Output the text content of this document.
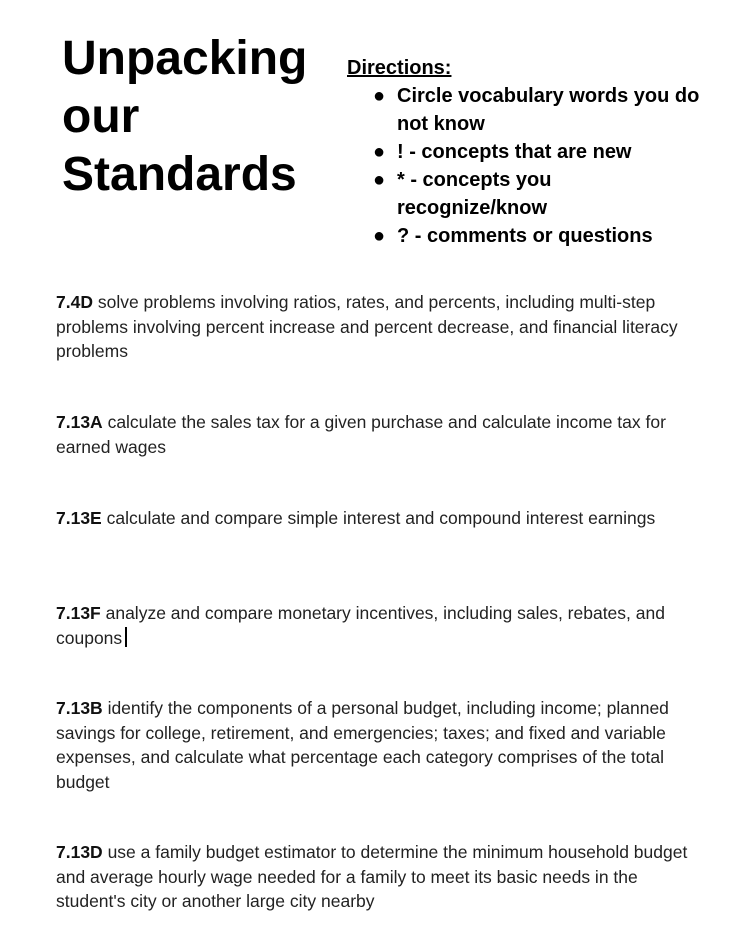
Unpacking
our
Standards
Directions:
● Circle vocabulary words you do not know
● ! - concepts that are new
● * - concepts you recognize/know
● ? - comments or questions

7.4D solve problems involving ratios, rates, and percents, including multi-step problems involving percent increase and percent decrease, and financial literacy problems

7.13A calculate the sales tax for a given purchase and calculate income tax for earned wages

7.13E calculate and compare simple interest and compound interest earnings

7.13F analyze and compare monetary incentives, including sales, rebates, and coupons

7.13B identify the components of a personal budget, including income; planned savings for college, retirement, and emergencies; taxes; and fixed and variable expenses, and calculate what percentage each category comprises of the total budget

7.13D use a family budget estimator to determine the minimum household budget and average hourly wage needed for a family to meet its basic needs in the student's city or another large city nearby
